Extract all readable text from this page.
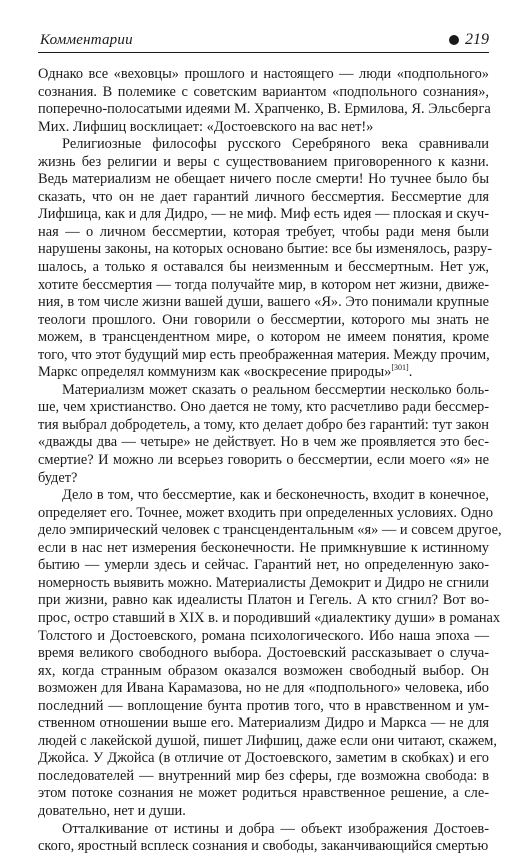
Комментарии	219
Однако все «веховцы» прошлого и настоящего — люди «подпольного»
сознания. В полемике с советским вариантом «подпольного сознания»,
поперечно-полосатыми идеями М. Храпченко, В. Ермилова, Я. Эльсберга
Мих. Лифшиц восклицает: «Достоевского на вас нет!»
Религиозные философы русского Серебряного века сравнивали
жизнь без религии и веры с существованием приговоренного к казни.
Ведь материализм не обещает ничего после смерти! Но тучнее было бы
сказать, что он не дает гарантий личного бессмертия. Бессмертие для
Лифшица, как и для Дидро, — не миф. Миф есть идея — плоская и скуч-
ная — о личном бессмертии, которая требует, чтобы ради меня были
нарушены законы, на которых основано бытие: все бы изменялось, разру-
шалось, а только я оставался бы неизменным и бессмертным. Нет уж,
хотите бессмертия — тогда получайте мир, в котором нет жизни, движе-
ния, в том числе жизни вашей души, вашего «Я». Это понимали крупные
теологи прошлого. Они говорили о бессмертии, которого мы знать не
можем, в трансцендентном мире, о котором не имеем понятия, кроме
того, что этот будущий мир есть преображенная материя. Между прочим,
Маркс определял коммунизм как «воскресение природы»[301].
Материализм может сказать о реальном бессмертии несколько боль-
ше, чем христианство. Оно дается не тому, кто расчетливо ради бессмер-
тия выбрал добродетель, а тому, кто делает добро без гарантий: тут закон
«дважды два — четыре» не действует. Но в чем же проявляется это бес-
смертие? И можно ли всерьез говорить о бессмертии, если моего «я» не
будет?
Дело в том, что бессмертие, как и бесконечность, входит в конечное,
определяет его. Точнее, может входить при определенных условиях. Одно
дело эмпирический человек с трансцендентальным «я» — и совсем другое,
если в нас нет измерения бесконечности. Не примкнувшие к истинному
бытию — умерли здесь и сейчас. Гарантий нет, но определенную зако-
номерность выявить можно. Материалисты Демокрит и Дидро не сгнили
при жизни, равно как идеалисты Платон и Гегель. А кто сгнил? Вот во-
прос, остро ставший в XIX в. и породивший «диалектику души» в романах
Толстого и Достоевского, романа психологического. Ибо наша эпоха —
время великого свободного выбора. Достоевский рассказывает о случа-
ях, когда странным образом оказался возможен свободный выбор. Он
возможен для Ивана Карамазова, но не для «подпольного» человека, ибо
последний — воплощение бунта против того, что в нравственном и ум-
ственном отношении выше его. Материализм Дидро и Маркса — не для
людей с лакейской душой, пишет Лифшиц, даже если они читают, скажем,
Джойса. У Джойса (в отличие от Достоевского, заметим в скобках) и его
последователей — внутренний мир без сферы, где возможна свобода: в
этом потоке сознания не может родиться нравственное решение, а сле-
довательно, нет и души.
Отталкивание от истины и добра — объект изображения Достоев-
ского, яростный всплеск сознания и свободы, заканчивающийся смертью
